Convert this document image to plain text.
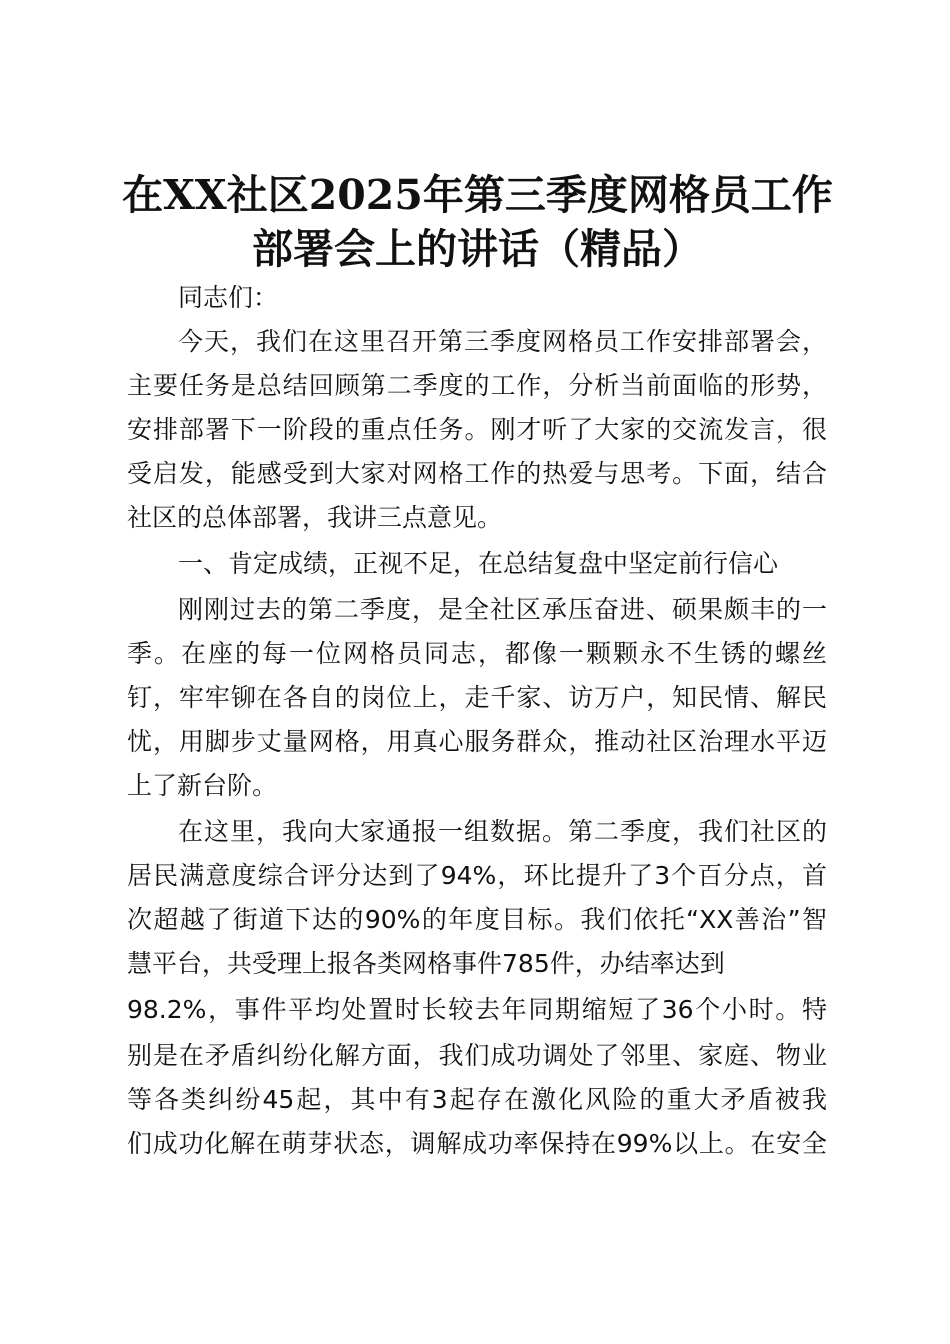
在XX社区2025年第三季度网格员工作
部署会上的讲话（精品）
同志们：
今天，我们在这里召开第三季度网格员工作安排部署会，
主要任务是总结回顾第二季度的工作，分析当前面临的形势，
安排部署下一阶段的重点任务。刚才听了大家的交流发言，很
受启发，能感受到大家对网格工作的热爱与思考。下面，结合
社区的总体部署，我讲三点意见。
一、肯定成绩，正视不足，在总结复盘中坚定前行信心
刚刚过去的第二季度，是全社区承压奋进、硕果颇丰的一
季。在座的每一位网格员同志，都像一颗颗永不生锈的螺丝
钉，牢牢铆在各自的岗位上，走千家、访万户，知民情、解民
忧，用脚步丈量网格，用真心服务群众，推动社区治理水平迈
上了新台阶。
在这里，我向大家通报一组数据。第二季度，我们社区的
居民满意度综合评分达到了94%，环比提升了3个百分点，首
次超越了街道下达的90%的年度目标。我们依托“XX善治”智
慧平台，共受理上报各类网格事件785件，办结率达到
98.2%，事件平均处置时长较去年同期缩短了36个小时。特
别是在矛盾纠纷化解方面，我们成功调处了邻里、家庭、物业
等各类纠纷45起，其中有3起存在激化风险的重大矛盾被我
们成功化解在萌芽状态，调解成功率保持在99%以上。在安全
